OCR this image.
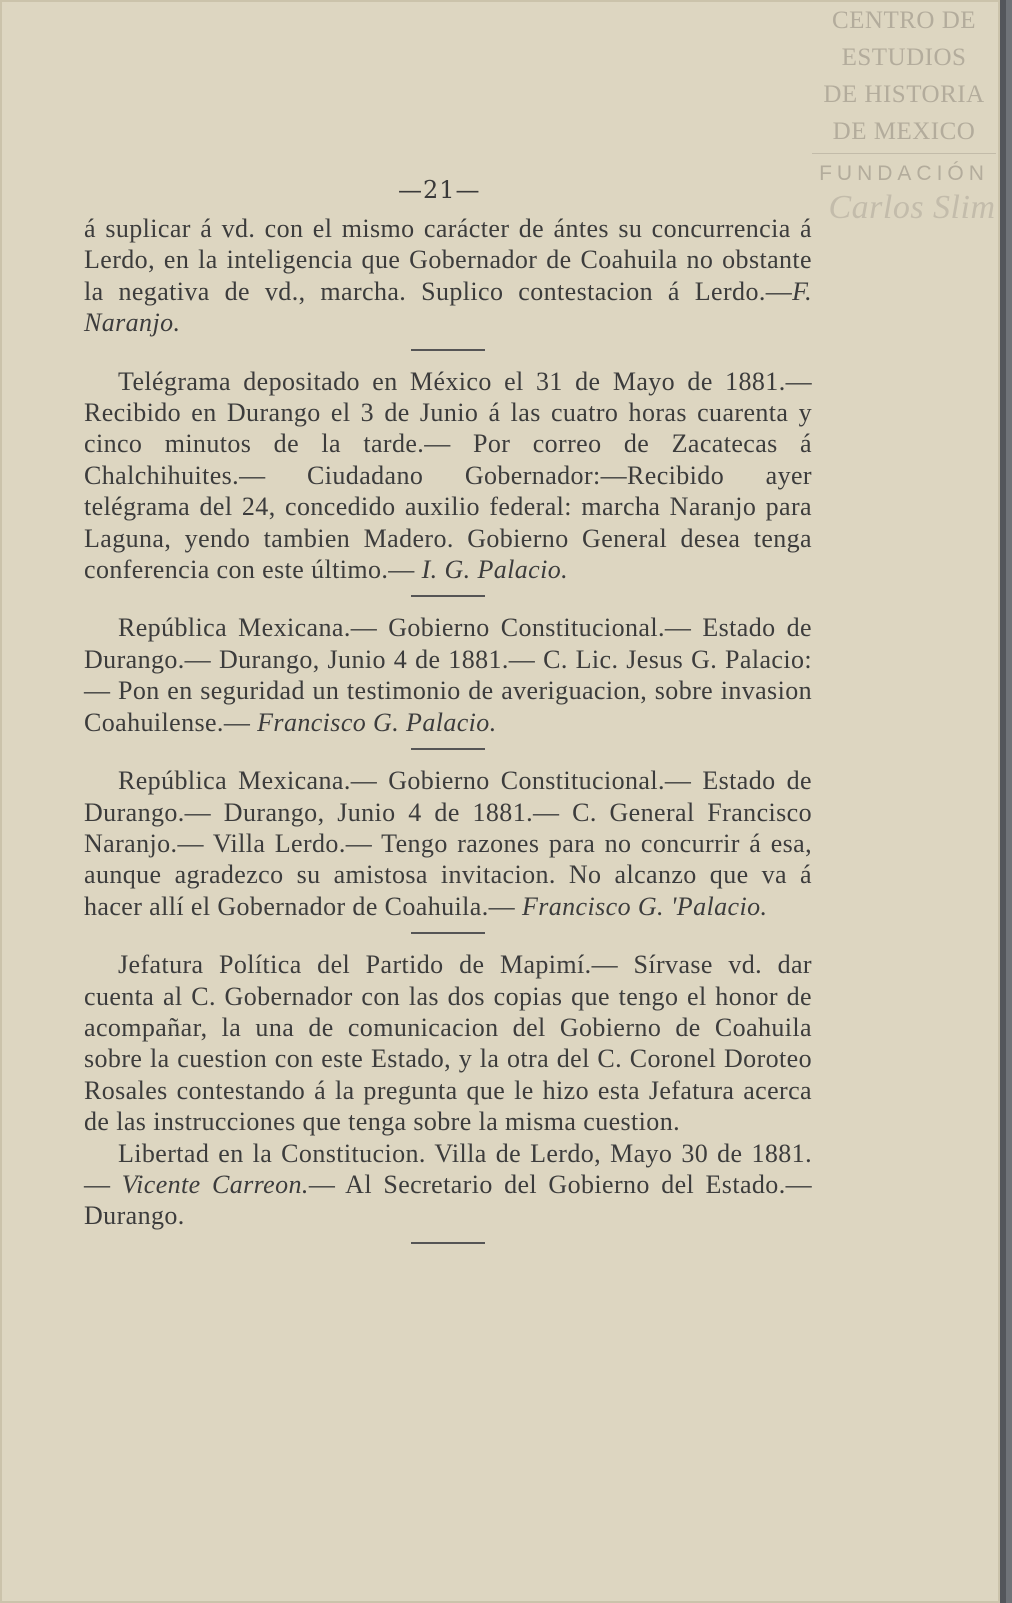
CENTRO DE
ESTUDIOS
DE HISTORIA
DE MEXICO
FUNDACIÓN
Carlos Slim
—21—

á suplicar á vd. con el mismo carácter de ántes su concurrencia á Lerdo, en la inteligencia que Gobernador de Coahuila no obstante la negativa de vd., marcha. Suplico contestacion á Lerdo.—F. Naranjo.

Telégrama depositado en México el 31 de Mayo de 1881.— Recibido en Durango el 3 de Junio á las cuatro horas cuarenta y cinco minutos de la tarde.— Por correo de Zacatecas á Chalchihuites.— Ciudadano Gobernador:—Recibido ayer telégrama del 24, concedido auxilio federal: marcha Naranjo para Laguna, yendo tambien Madero. Gobierno General desea tenga conferencia con este último.— I. G. Palacio.

República Mexicana.— Gobierno Constitucional.— Estado de Durango.— Durango, Junio 4 de 1881.— C. Lic. Jesus G. Palacio:— Pon en seguridad un testimonio de averiguacion, sobre invasion Coahuilense.— Francisco G. Palacio.

República Mexicana.— Gobierno Constitucional.— Estado de Durango.— Durango, Junio 4 de 1881.— C. General Francisco Naranjo.— Villa Lerdo.— Tengo razones para no concurrir á esa, aunque agradezco su amistosa invitacion. No alcanzo que va á hacer allí el Gobernador de Coahuila.— Francisco G. 'Palacio.

Jefatura Política del Partido de Mapimí.— Sírvase vd. dar cuenta al C. Gobernador con las dos copias que tengo el honor de acompañar, la una de comunicacion del Gobierno de Coahuila sobre la cuestion con este Estado, y la otra del C. Coronel Doroteo Rosales contestando á la pregunta que le hizo esta Jefatura acerca de las instrucciones que tenga sobre la misma cuestion.

Libertad en la Constitucion. Villa de Lerdo, Mayo 30 de 1881.— Vicente Carreon.— Al Secretario del Gobierno del Estado.— Durango.
